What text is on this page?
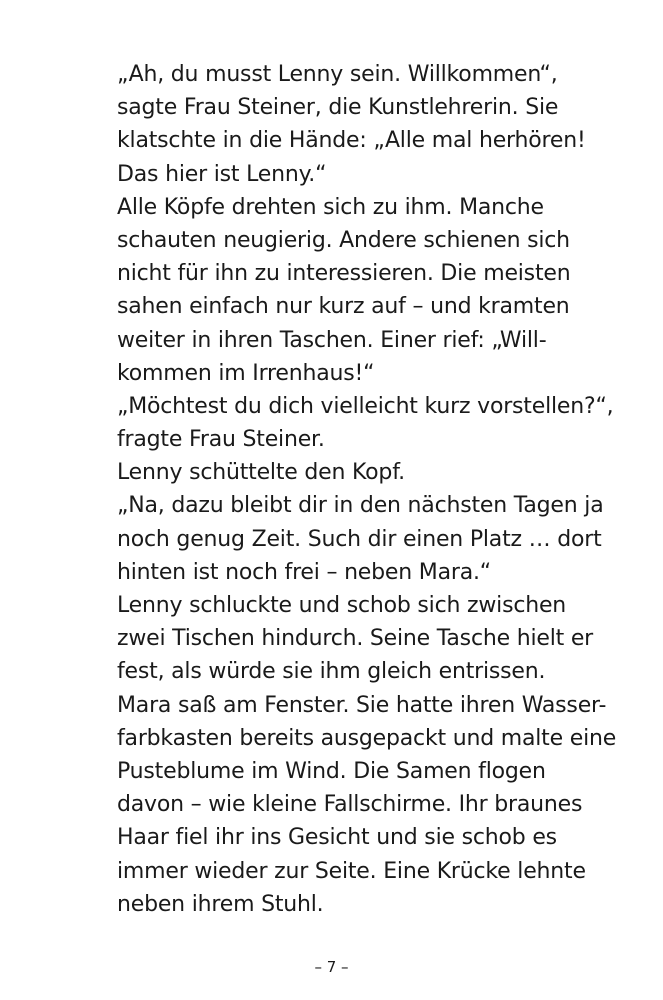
„Ah, du musst Lenny sein. Willkommen“,
sagte Frau Steiner, die Kunstlehrerin. Sie
klatschte in die Hände: „Alle mal herhören!
Das hier ist Lenny.“
Alle Köpfe drehten sich zu ihm. Manche
schauten neugierig. Andere schienen sich
nicht für ihn zu interessieren. Die meisten
sahen einfach nur kurz auf – und kramten
weiter in ihren Taschen. Einer rief: „Will-
kommen im Irrenhaus!“
„Möchtest du dich vielleicht kurz vorstellen?“,
fragte Frau Steiner.
Lenny schüttelte den Kopf.
„Na, dazu bleibt dir in den nächsten Tagen ja
noch genug Zeit. Such dir einen Platz … dort
hinten ist noch frei – neben Mara.“
Lenny schluckte und schob sich zwischen
zwei Tischen hindurch. Seine Tasche hielt er
fest, als würde sie ihm gleich entrissen.
Mara saß am Fenster. Sie hatte ihren Wasser-
farbkasten bereits ausgepackt und malte eine
Pusteblume im Wind. Die Samen flogen
davon – wie kleine Fallschirme. Ihr braunes
Haar fiel ihr ins Gesicht und sie schob es
immer wieder zur Seite. Eine Krücke lehnte
neben ihrem Stuhl.
– 7 –
